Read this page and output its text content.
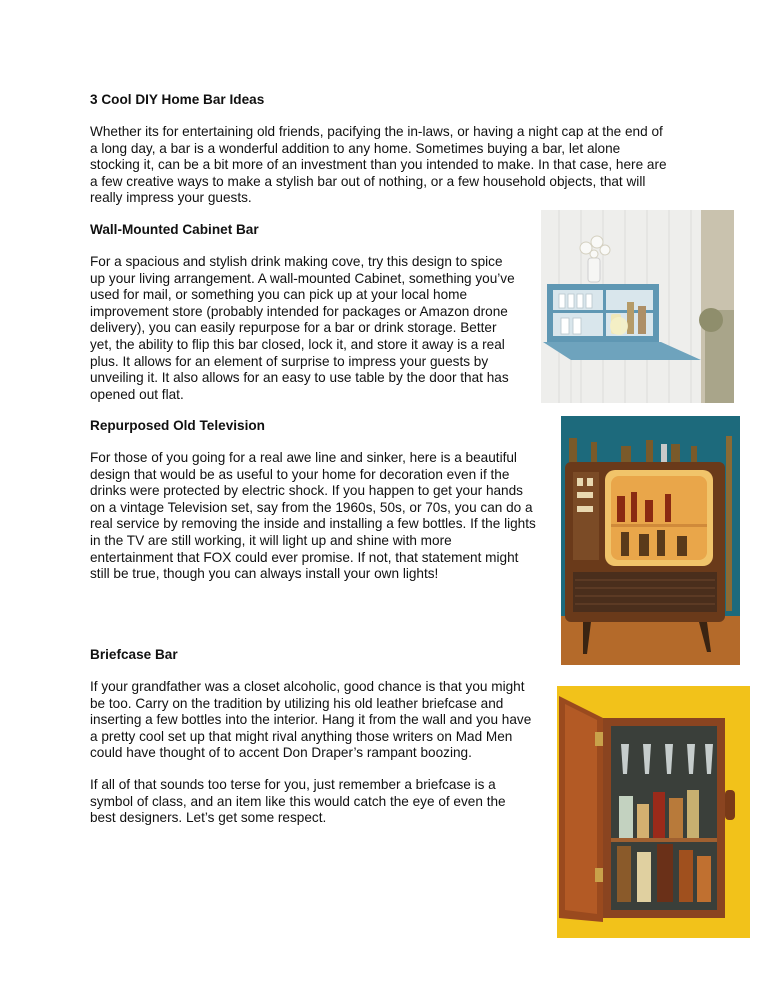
3 Cool DIY Home Bar Ideas

Whether its for entertaining old friends, pacifying the in-laws, or having a night cap at the end of
a long day, a bar is a wonderful addition to any home. Sometimes buying a bar, let alone
stocking it, can be a bit more of an investment than you intended to make. In that case, here are
a few creative ways to make a stylish bar out of nothing, or a few household objects, that will
really impress your guests.

Wall-Mounted Cabinet Bar

For a spacious and stylish drink making cove, try this design to spice
up your living arrangement. A wall-mounted Cabinet, something you’ve
used for mail, or something you can pick up at your local home
improvement store (probably intended for packages or Amazon drone
delivery), you can easily repurpose for a bar or drink storage. Better
yet, the ability to flip this bar closed, lock it, and store it away is a real
plus. It allows for an element of surprise to impress your guests by
unveiling it. It also allows for an easy to use table by the door that has
opened out flat.

Repurposed Old Television

For those of you going for a real awe line and sinker, here is a beautiful
design that would be as useful to your home for decoration even if the
drinks were protected by electric shock. If you happen to get your hands
on a vintage Television set, say from the 1960s, 50s, or 70s, you can do a
real service by removing the inside and installing a few bottles. If the lights
in the TV are still working, it will light up and shine with more
entertainment that FOX could ever promise. If not, that statement might
still be true, though you can always install your own lights!

Briefcase Bar

If your grandfather was a closet alcoholic, good chance is that you might
be too. Carry on the tradition by utilizing his old leather briefcase and
inserting a few bottles into the interior. Hang it from the wall and you have
a pretty cool set up that might rival anything those writers on Mad Men
could have thought of to accent Don Draper’s rampant boozing.

If all of that sounds too terse for you, just remember a briefcase is a
symbol of class, and an item like this would catch the eye of even the
best designers. Let’s get some respect.
